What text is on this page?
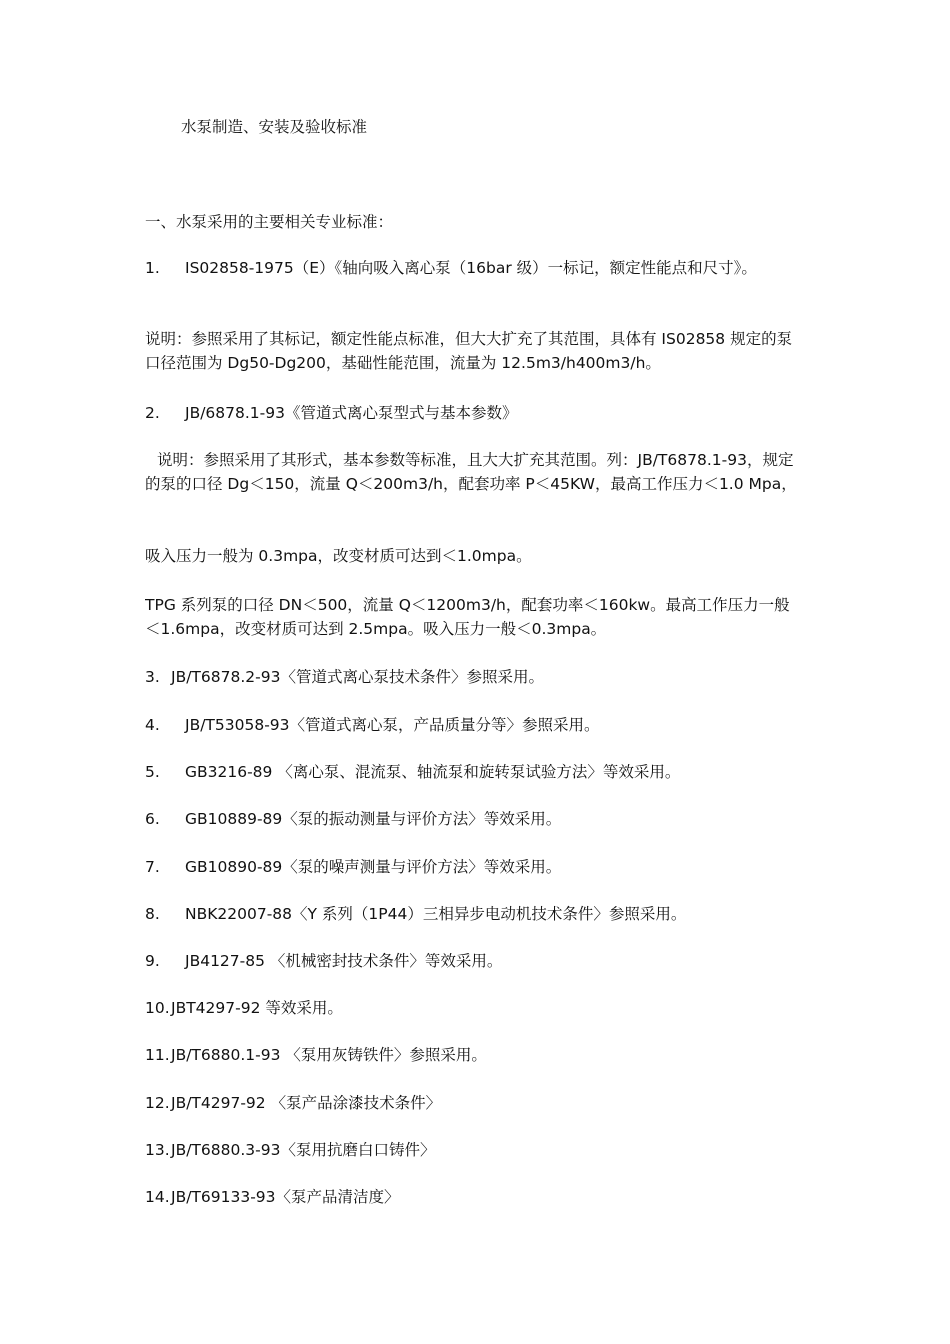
水泵制造、安装及验收标准
一、水泵采用的主要相关专业标准：
1. IS02858-1975（E）《轴向吸入离心泵（16bar 级）一标记，额定性能点和尺寸》。
说明：参照采用了其标记，额定性能点标准，但大大扩充了其范围，具体有 IS02858 规定的泵口径范围为 Dg50-Dg200，基础性能范围，流量为 12.5m3/h400m3/h。
2. JB/6878.1-93《管道式离心泵型式与基本参数》
说明：参照采用了其形式，基本参数等标准，且大大扩充其范围。列：JB/T6878.1-93，规定的泵的口径 Dg＜150，流量 Q＜200m3/h，配套功率 P＜45KW，最高工作压力＜1.0 Mpa，
吸入压力一般为 0.3mpa，改变材质可达到＜1.0mpa。
TPG 系列泵的口径 DN＜500，流量 Q＜1200m3/h，配套功率＜160kw。最高工作压力一般＜1.6mpa，改变材质可达到 2.5mpa。吸入压力一般＜0.3mpa。
3. JB/T6878.2-93〈管道式离心泵技术条件〉参照采用。
4. JB/T53058-93〈管道式离心泵，产品质量分等〉参照采用。
5. GB3216-89 〈离心泵、混流泵、轴流泵和旋转泵试验方法〉等效采用。
6. GB10889-89〈泵的振动测量与评价方法〉等效采用。
7. GB10890-89〈泵的噪声测量与评价方法〉等效采用。
8. NBK22007-88〈Y 系列（1P44）三相异步电动机技术条件〉参照采用。
9. JB4127-85 〈机械密封技术条件〉等效采用。
10.JBT4297-92 等效采用。
11.JB/T6880.1-93 〈泵用灰铸铁件〉参照采用。
12.JB/T4297-92 〈泵产品涂漆技术条件〉
13.JB/T6880.3-93〈泵用抗磨白口铸件〉
14.JB/T69133-93〈泵产品清洁度〉
